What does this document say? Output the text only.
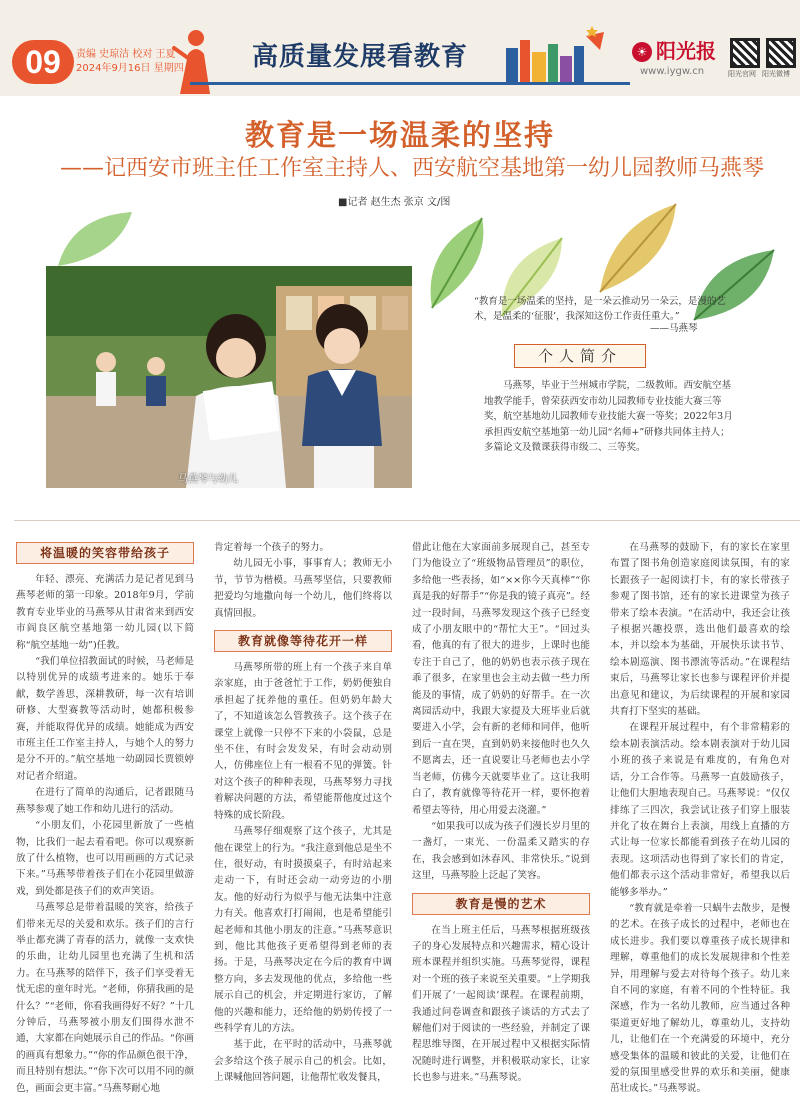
09	责编 史琼洁 校对 王夏
2024年9月16日 星期四	高质量发展看教育	☀ 阳光报
www.iygw.cn	阳光官网 阳光微博
教育是一场温柔的坚持
——记西安市班主任工作室主持人、西安航空基地第一幼儿园教师马燕琴
■记者 赵生杰 张京 文/图
马燕琴与幼儿
“教育是一场温柔的坚持，是一朵云推动另一朵云，是漫的艺术，是温柔的‘征服’，我深知这份工作责任重大。”
——马燕琴
个人简介
马燕琴，毕业于兰州城市学院，二级教师。西安航空基地教学能手，曾荣获西安市幼儿园教师专业技能大赛三等奖，航空基地幼儿园教师专业技能大赛一等奖；2022年3月承担西安航空基地第一幼儿园“名师+”研修共同体主持人；多篇论文及微课获得市级二、三等奖。
将温暖的笑容带给孩子

年轻、漂亮、充满活力是记者见到马燕琴老师的第一印象。2018年9月，学前教育专业毕业的马燕琴从甘肃省来到西安市阎良区航空基地第一幼儿园(以下简称“航空基地一幼”)任教。

“我们单位招教面试的时候，马老师是以特别优异的成绩考进来的。她乐于奉献，数学善思，深耕教研，每一次有培训研修、大型赛教等活动时，她都积极参赛，并能取得优异的成绩。她能成为西安市班主任工作室主持人，与她个人的努力是分不开的。”航空基地一幼副园长贾锁婷对记者介绍道。

在进行了简单的沟通后，记者跟随马燕琴参观了她工作和幼儿进行的活动。

“小朋友们，小花园里新放了一些植物，比我们一起去看看吧。你可以观察新放了什么植物，也可以用画画的方式记录下来。”马燕琴带着孩子们在小花园里做游戏，到处都是孩子们的欢声笑语。

马燕琴总是带着温暖的笑容，给孩子们带来无尽的关爱和欢乐。孩子们的言行举止都充满了青春的活力，就像一支欢快的乐曲，让幼儿园里也充满了生机和活力。在马燕琴的陪伴下，孩子们享受着无忧无虑的童年时光。“老师，你猜我画的是什么？”“老师，你看我画得好不好？”十几分钟后，马燕琴被小朋友们围得水泄不通，大家都在向她展示自己的作品。“你画的画真有想象力。”“你的作品颜色很干净，而且特别有想法。”“你下次可以用不同的颜色，画面会更丰富。”马燕琴耐心地

肯定着每一个孩子的努力。

幼儿园无小事，事事育人；教师无小节，节节为楷模。马燕琴坚信，只要教师把爱均匀地撒向每一个幼儿，他们终将以真情回报。

教育就像等待花开一样

马燕琴所带的班上有一个孩子来自单亲家庭，由于爸爸忙于工作，奶奶便独自承担起了抚养他的重任。但奶奶年龄大了，不知道该怎么管教孩子。这个孩子在课堂上就像一只停不下来的小袋鼠，总是坐不住，有时会发发呆，有时会动动别人，仿佛座位上有一根看不见的弹簧。针对这个孩子的种种表现，马燕琴努力寻找着解决问题的方法，希望能帮他度过这个特殊的成长阶段。

马燕琴仔细观察了这个孩子，尤其是他在课堂上的行为。“我注意到他总是坐不住，很好动，有时摸摸桌子，有时站起来走动一下，有时还会动一动旁边的小朋友。他的好动行为似乎与他无法集中注意力有关。他喜欢打打闹闹，也是希望能引起老师和其他小朋友的注意。”马燕琴意识到，他比其他孩子更希望得到老师的表扬。于是，马燕琴决定在今后的教育中调整方向，多去发现他的优点，多给他一些展示自己的机会，并定期进行家访，了解他的兴趣和能力，还给他的奶奶传授了一些科学育儿的方法。

基于此，在平时的活动中，马燕琴就会多给这个孩子展示自己的机会。比如，上课喊他回答问题，让他帮忙收发餐具，

借此让他在大家面前多展现自己，甚至专门为他设立了“班级物品管理员”的职位，多给他一些表扬，如“××你今天真棒”“你真是我的好帮手”“你是我的镜子真亮”。经过一段时间，马燕琴发现这个孩子已经变成了小朋友眼中的“帮忙大王”。“回过头看，他真的有了很大的进步，上课时也能专注于自己了，他的奶奶也表示孩子现在乖了很多，在家里也会主动去做一些力所能及的事情，成了奶奶的好帮手。在一次离园活动中，我跟大家提及大班毕业后就要进入小学，会有新的老师和同伴，他听到后一直在哭，直到奶奶来接他时也久久不愿离去，还一直说要让马老师也去小学当老师，仿佛今天就要毕业了。这让我明白了，教育就像等待花开一样，要怀抱着希望去等待，用心用爱去浇灌。”

“如果我可以成为孩子们漫长岁月里的一盏灯，一束光、一份温柔又踏实的存在，我会感到如沐春风、非常快乐。”说到这里，马燕琴脸上泛起了笑容。

教育是慢的艺术

在当上班主任后，马燕琴根据班级孩子的身心发展特点和兴趣需求，精心设计班本课程并组织实施。马燕琴觉得，课程对一个班的孩子来说至关重要。“上学期我们开展了‘一起阅读’课程。在课程前期，我通过问卷调查和跟孩子谈话的方式去了解他们对于阅读的一些经验，并制定了课程思维导图，在开展过程中又根据实际情况随时进行调整，并积极联动家长，让家长也参与进来。”马燕琴说。

在马燕琴的鼓励下，有的家长在家里布置了图书角创造家庭阅读氛围，有的家长跟孩子一起阅读打卡，有的家长带孩子参观了图书馆，还有的家长进课堂为孩子带来了绘本表演。“在活动中，我还会让孩子根据兴趣投票，选出他们最喜欢的绘本，并以绘本为基础，开展快乐读书节、绘本剧巡演、图书漂流等活动。”在课程结束后，马燕琴让家长也参与课程评价并提出意见和建议，为后续课程的开展和家园共育打下坚实的基础。

在课程开展过程中，有个非常精彩的绘本剧表演活动。绘本剧表演对于幼儿园小班的孩子来说是有难度的，有角色对话，分工合作等。马燕琴一直鼓励孩子，让他们大胆地表现自己。马燕琴说：“仅仅排练了三四次，我尝试让孩子们穿上服装并化了妆在舞台上表演，用线上直播的方式让每一位家长都能看到孩子在幼儿园的表现。这项活动也得到了家长们的肯定，他们都表示这个活动非常好，希望我以后能够多举办。”

“教育就是牵着一只蜗牛去散步，是慢的艺术。在孩子成长的过程中，老师也在成长进步。我们要以尊重孩子成长规律和理解，尊重他们的成长发展规律和个性差异，用理解与爱去对待每个孩子。幼儿来自不同的家庭，有着不同的个性特征。我深感，作为一名幼儿教师，应当通过各种渠道更好地了解幼儿，尊重幼儿，支持幼儿，让他们在一个充满爱的环境中，充分感受集体的温暖和彼此的关爱，让他们在爱的氛围里感受世界的欢乐和美丽，健康茁壮成长。”马燕琴说。
